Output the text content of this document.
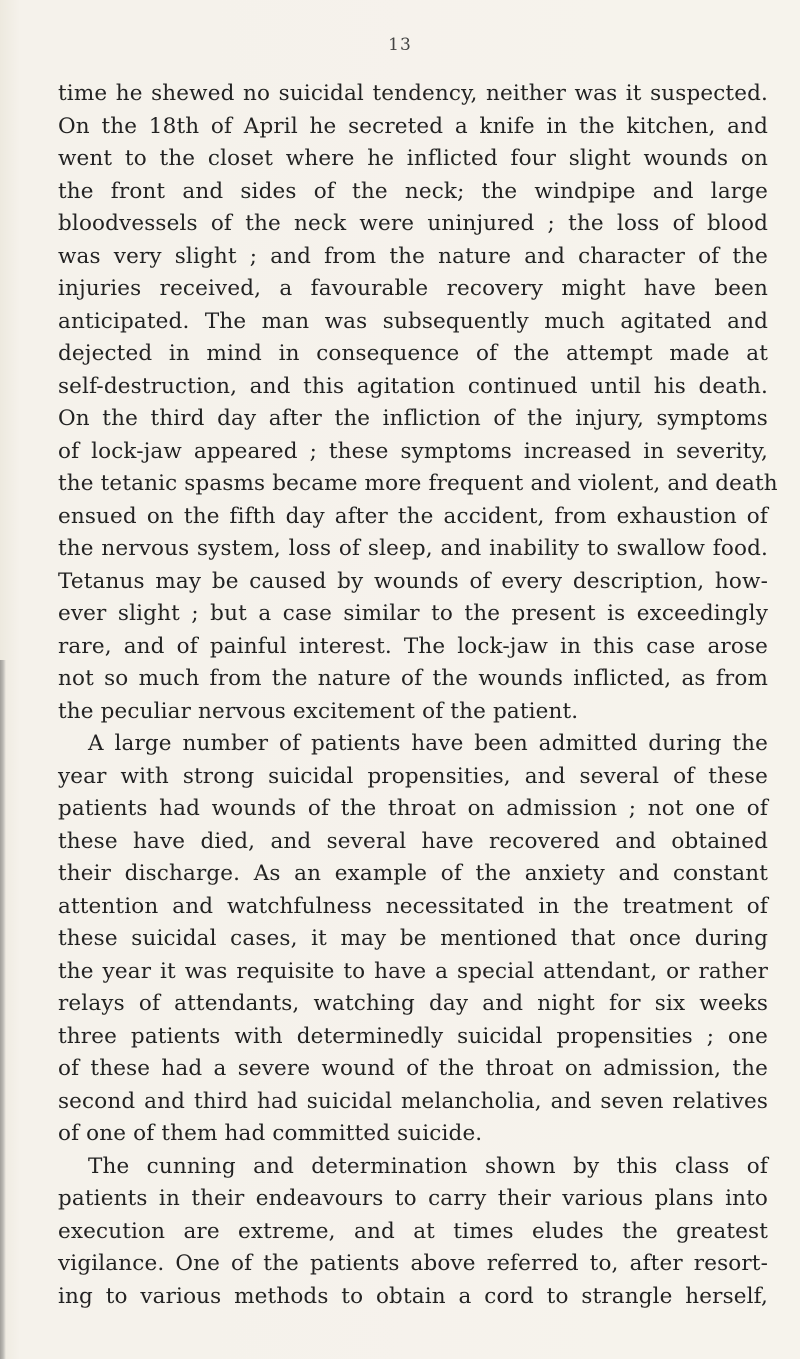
13
time he shewed no suicidal tendency, neither was it suspected.
On the 18th of April he secreted a knife in the kitchen, and
went to the closet where he inflicted four slight wounds on
the front and sides of the neck; the windpipe and large
bloodvessels of the neck were uninjured ; the loss of blood
was very slight ; and from the nature and character of the
injuries received, a favourable recovery might have been
anticipated. The man was subsequently much agitated and
dejected in mind in consequence of the attempt made at
self-destruction, and this agitation continued until his death.
On the third day after the infliction of the injury, symptoms
of lock-jaw appeared ; these symptoms increased in severity,
the tetanic spasms became more frequent and violent, and death
ensued on the fifth day after the accident, from exhaustion of
the nervous system, loss of sleep, and inability to swallow food.
Tetanus may be caused by wounds of every description, how-
ever slight ; but a case similar to the present is exceedingly
rare, and of painful interest. The lock-jaw in this case arose
not so much from the nature of the wounds inflicted, as from
the peculiar nervous excitement of the patient.
A large number of patients have been admitted during the
year with strong suicidal propensities, and several of these
patients had wounds of the throat on admission ; not one of
these have died, and several have recovered and obtained
their discharge. As an example of the anxiety and constant
attention and watchfulness necessitated in the treatment of
these suicidal cases, it may be mentioned that once during
the year it was requisite to have a special attendant, or rather
relays of attendants, watching day and night for six weeks
three patients with determinedly suicidal propensities ; one
of these had a severe wound of the throat on admission, the
second and third had suicidal melancholia, and seven relatives
of one of them had committed suicide.
The cunning and determination shown by this class of
patients in their endeavours to carry their various plans into
execution are extreme, and at times eludes the greatest
vigilance. One of the patients above referred to, after resort-
ing to various methods to obtain a cord to strangle herself,
